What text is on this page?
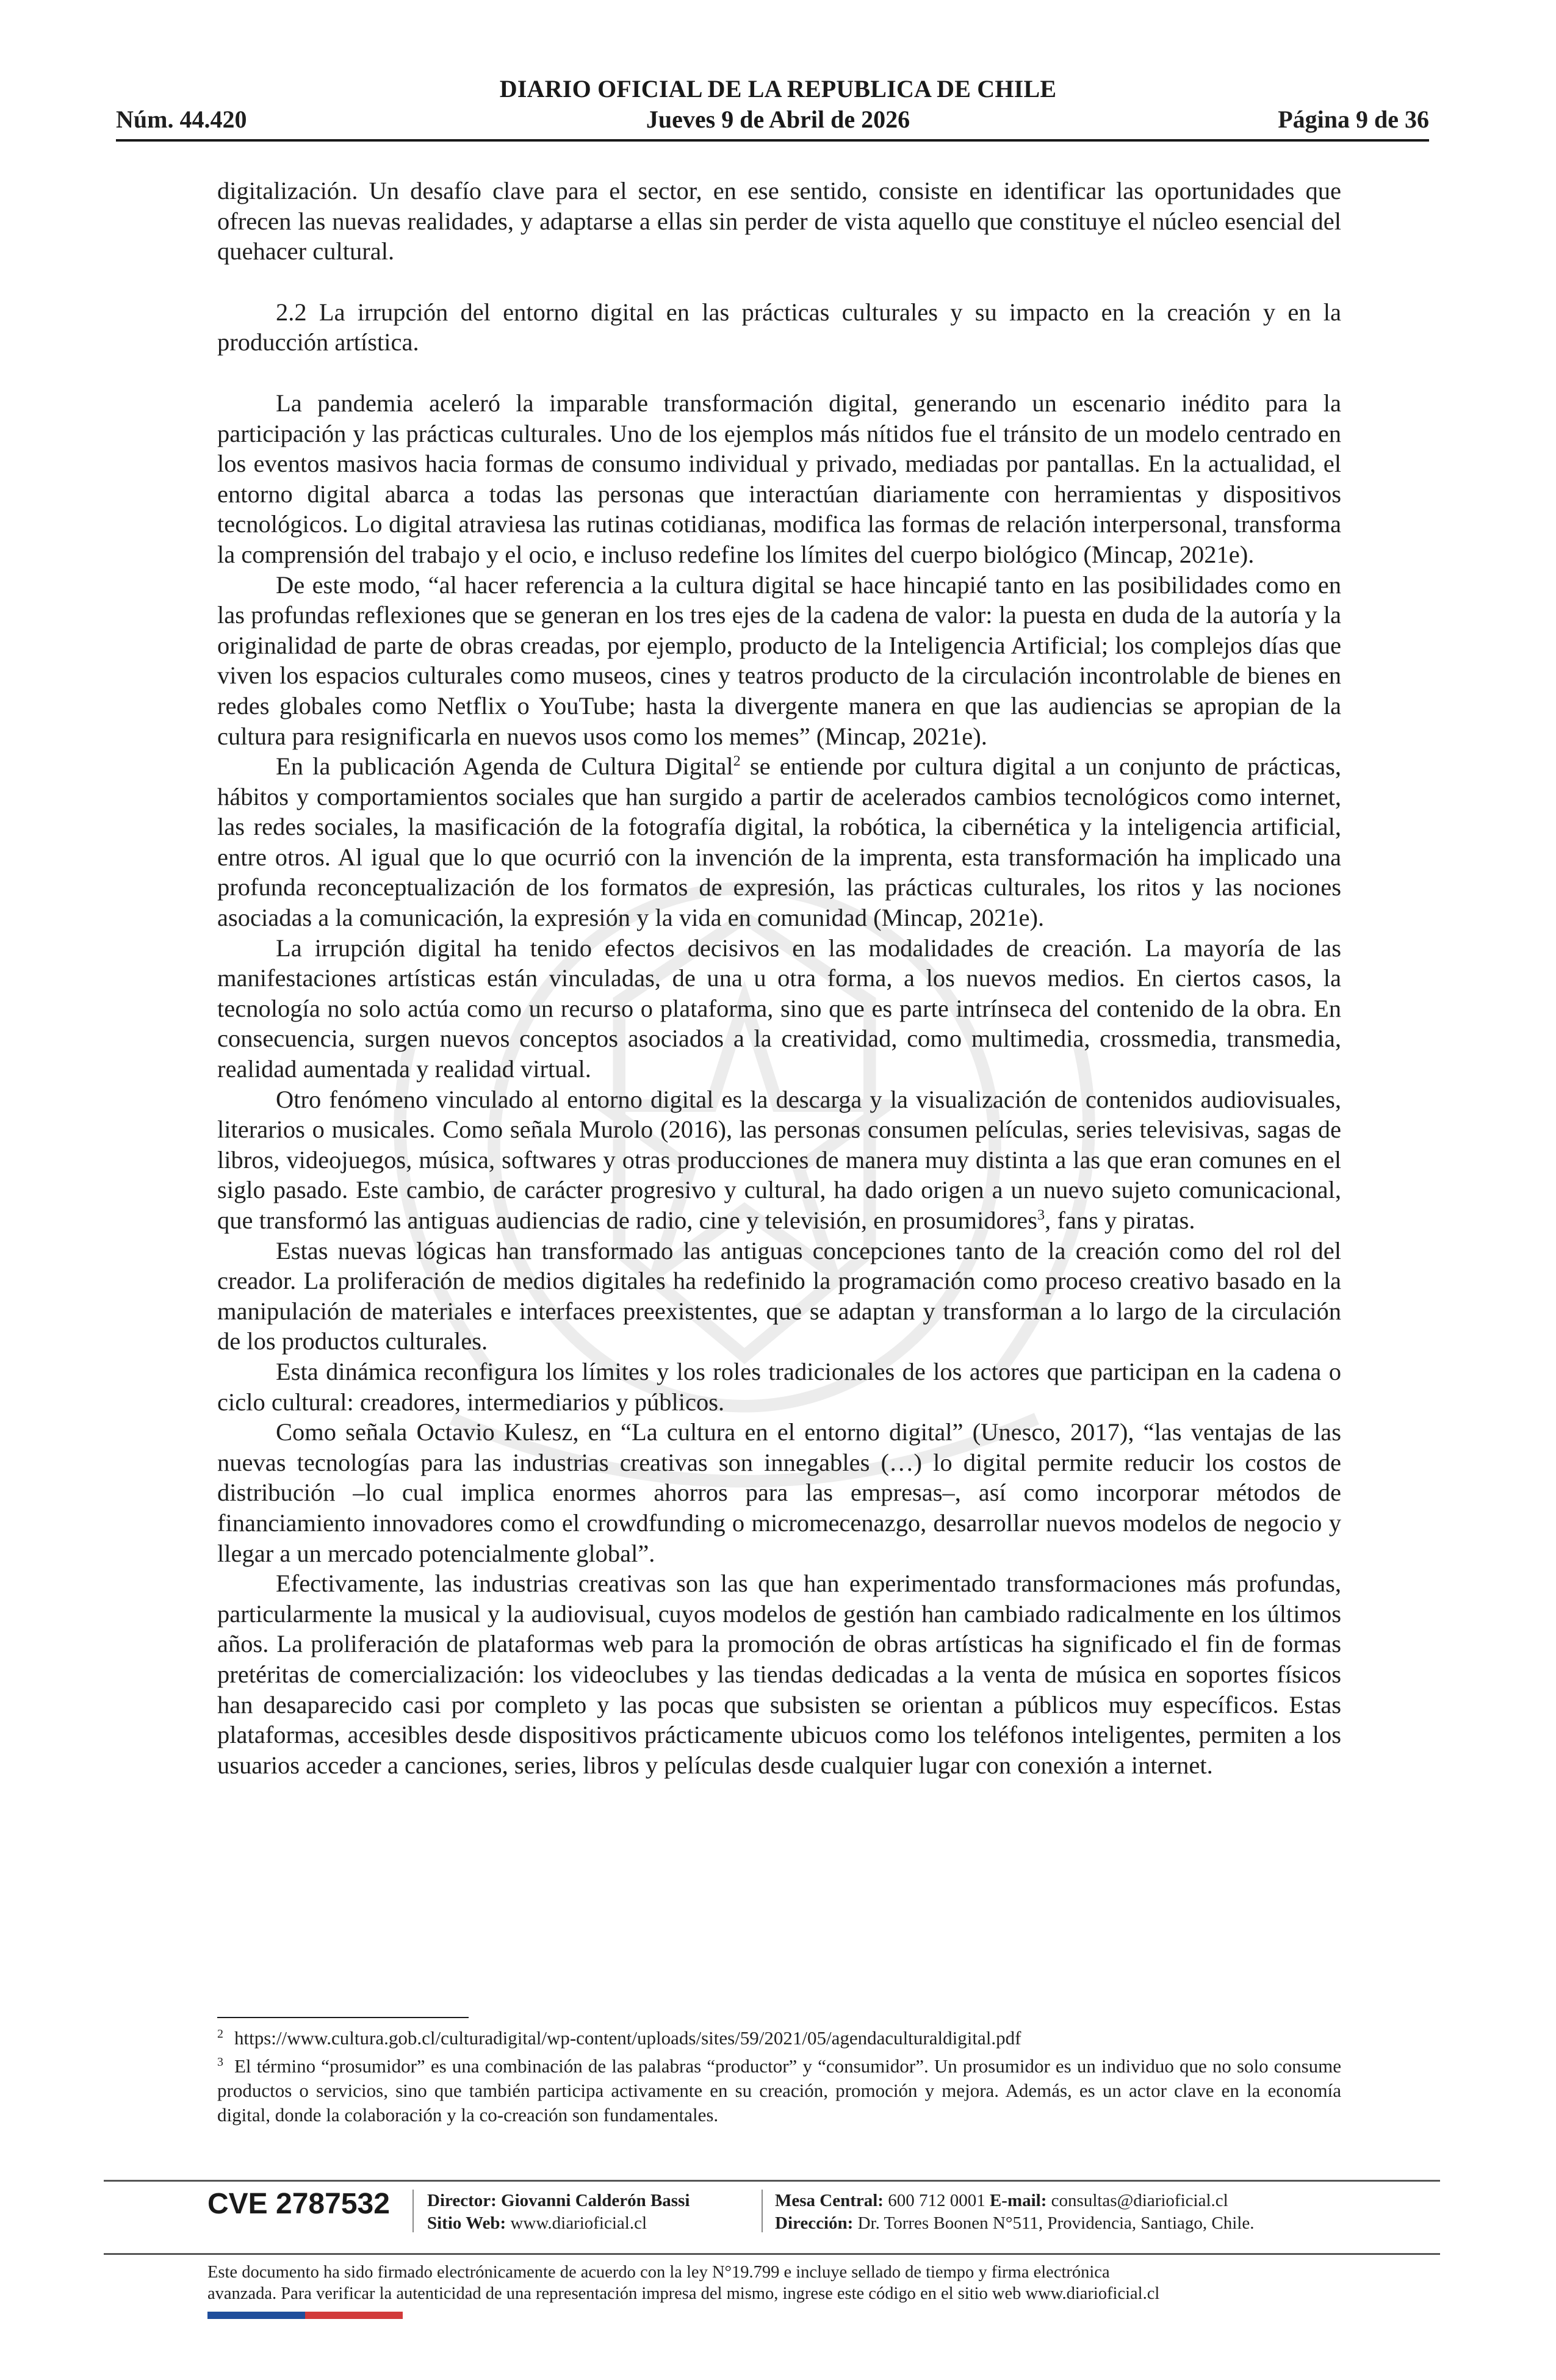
DIARIO OFICIAL DE LA REPUBLICA DE CHILE
Núm. 44.420	Jueves 9 de Abril de 2026	Página 9 de 36

digitalización. Un desafío clave para el sector, en ese sentido, consiste en identificar las oportunidades que ofrecen las nuevas realidades, y adaptarse a ellas sin perder de vista aquello que constituye el núcleo esencial del quehacer cultural.

2.2 La irrupción del entorno digital en las prácticas culturales y su impacto en la creación y en la producción artística.

La pandemia aceleró la imparable transformación digital, generando un escenario inédito para la participación y las prácticas culturales. Uno de los ejemplos más nítidos fue el tránsito de un modelo centrado en los eventos masivos hacia formas de consumo individual y privado, mediadas por pantallas. En la actualidad, el entorno digital abarca a todas las personas que interactúan diariamente con herramientas y dispositivos tecnológicos. Lo digital atraviesa las rutinas cotidianas, modifica las formas de relación interpersonal, transforma la comprensión del trabajo y el ocio, e incluso redefine los límites del cuerpo biológico (Mincap, 2021e).

De este modo, “al hacer referencia a la cultura digital se hace hincapié tanto en las posibilidades como en las profundas reflexiones que se generan en los tres ejes de la cadena de valor: la puesta en duda de la autoría y la originalidad de parte de obras creadas, por ejemplo, producto de la Inteligencia Artificial; los complejos días que viven los espacios culturales como museos, cines y teatros producto de la circulación incontrolable de bienes en redes globales como Netflix o YouTube; hasta la divergente manera en que las audiencias se apropian de la cultura para resignificarla en nuevos usos como los memes” (Mincap, 2021e).

En la publicación Agenda de Cultura Digital$^2$ se entiende por cultura digital a un conjunto de prácticas, hábitos y comportamientos sociales que han surgido a partir de acelerados cambios tecnológicos como internet, las redes sociales, la masificación de la fotografía digital, la robótica, la cibernética y la inteligencia artificial, entre otros. Al igual que lo que ocurrió con la invención de la imprenta, esta transformación ha implicado una profunda reconceptualización de los formatos de expresión, las prácticas culturales, los ritos y las nociones asociadas a la comunicación, la expresión y la vida en comunidad (Mincap, 2021e).

La irrupción digital ha tenido efectos decisivos en las modalidades de creación. La mayoría de las manifestaciones artísticas están vinculadas, de una u otra forma, a los nuevos medios. En ciertos casos, la tecnología no solo actúa como un recurso o plataforma, sino que es parte intrínseca del contenido de la obra. En consecuencia, surgen nuevos conceptos asociados a la creatividad, como multimedia, crossmedia, transmedia, realidad aumentada y realidad virtual.

Otro fenómeno vinculado al entorno digital es la descarga y la visualización de contenidos audiovisuales, literarios o musicales. Como señala Murolo (2016), las personas consumen películas, series televisivas, sagas de libros, videojuegos, música, softwares y otras producciones de manera muy distinta a las que eran comunes en el siglo pasado. Este cambio, de carácter progresivo y cultural, ha dado origen a un nuevo sujeto comunicacional, que transformó las antiguas audiencias de radio, cine y televisión, en prosumidores$^3$, fans y piratas.

Estas nuevas lógicas han transformado las antiguas concepciones tanto de la creación como del rol del creador. La proliferación de medios digitales ha redefinido la programación como proceso creativo basado en la manipulación de materiales e interfaces preexistentes, que se adaptan y transforman a lo largo de la circulación de los productos culturales.

Esta dinámica reconfigura los límites y los roles tradicionales de los actores que participan en la cadena o ciclo cultural: creadores, intermediarios y públicos.

Como señala Octavio Kulesz, en “La cultura en el entorno digital” (Unesco, 2017), “las ventajas de las nuevas tecnologías para las industrias creativas son innegables (…) lo digital permite reducir los costos de distribución –lo cual implica enormes ahorros para las empresas–, así como incorporar métodos de financiamiento innovadores como el crowdfunding o micromecenazgo, desarrollar nuevos modelos de negocio y llegar a un mercado potencialmente global”.

Efectivamente, las industrias creativas son las que han experimentado transformaciones más profundas, particularmente la musical y la audiovisual, cuyos modelos de gestión han cambiado radicalmente en los últimos años. La proliferación de plataformas web para la promoción de obras artísticas ha significado el fin de formas pretéritas de comercialización: los videoclubes y las tiendas dedicadas a la venta de música en soportes físicos han desaparecido casi por completo y las pocas que subsisten se orientan a públicos muy específicos. Estas plataformas, accesibles desde dispositivos prácticamente ubicuos como los teléfonos inteligentes, permiten a los usuarios acceder a canciones, series, libros y películas desde cualquier lugar con conexión a internet.

$^2$ https://www.cultura.gob.cl/culturadigital/wp-content/uploads/sites/59/2021/05/agendaculturaldigital.pdf

$^3$ El término “prosumidor” es una combinación de las palabras “productor” y “consumidor”. Un prosumidor es un individuo que no solo consume productos o servicios, sino que también participa activamente en su creación, promoción y mejora. Además, es un actor clave en la economía digital, donde la colaboración y la co-creación son fundamentales.

CVE 2787532 Director: Giovanni Calderón Bassi
Sitio Web: www.diarioficial.cl
Mesa Central: 600 712 0001 E-mail: consultas@diarioficial.cl
Dirección: Dr. Torres Boonen N°511, Providencia, Santiago, Chile.
Este documento ha sido firmado electrónicamente de acuerdo con la ley N°19.799 e incluye sellado de tiempo y firma electrónica
avanzada. Para verificar la autenticidad de una representación impresa del mismo, ingrese este código en el sitio web www.diarioficial.cl
